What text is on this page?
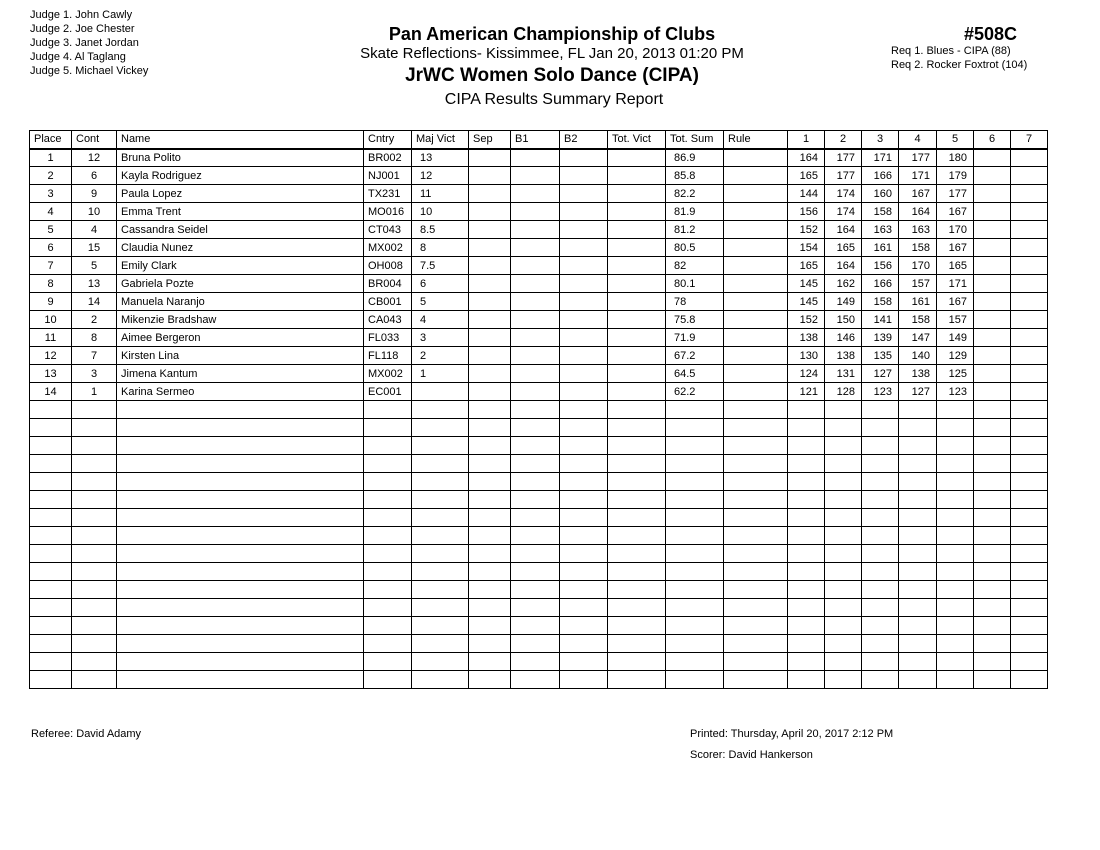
Judge 1. John Cawly
Judge 2. Joe Chester
Judge 3. Janet Jordan
Judge 4. Al Taglang
Judge 5. Michael Vickey
Pan American Championship of Clubs
Skate Reflections- Kissimmee, FL Jan 20, 2013 01:20 PM
JrWC Women Solo Dance (CIPA)
CIPA Results Summary Report
#508C
Req 1. Blues - CIPA (88)
Req 2. Rocker Foxtrot (104)
Place	Cont	Name	Cntry	Maj Vict	Sep	B1	B2	Tot. Vict	Tot. Sum	Rule	1	2	3	4	5	6	7
1	12	Bruna Polito	BR002	13					86.9		164	177	171	177	180		
2	6	Kayla Rodriguez	NJ001	12					85.8		165	177	166	171	179		
3	9	Paula Lopez	TX231	11					82.2		144	174	160	167	177		
4	10	Emma Trent	MO016	10					81.9		156	174	158	164	167		
5	4	Cassandra Seidel	CT043	8.5					81.2		152	164	163	163	170		
6	15	Claudia Nunez	MX002	8					80.5		154	165	161	158	167		
7	5	Emily Clark	OH008	7.5					82		165	164	156	170	165		
8	13	Gabriela Pozte	BR004	6					80.1		145	162	166	157	171		
9	14	Manuela Naranjo	CB001	5					78		145	149	158	161	167		
10	2	Mikenzie Bradshaw	CA043	4					75.8		152	150	141	158	157		
11	8	Aimee Bergeron	FL033	3					71.9		138	146	139	147	149		
12	7	Kirsten Lina	FL118	2					67.2		130	138	135	140	129		
13	3	Jimena Kantum	MX002	1					64.5		124	131	127	138	125		
14	1	Karina Sermeo	EC001						62.2		121	128	123	127	123		

Referee: David Adamy	Printed: Thursday, April 20, 2017 2:12 PM
Scorer: David Hankerson
